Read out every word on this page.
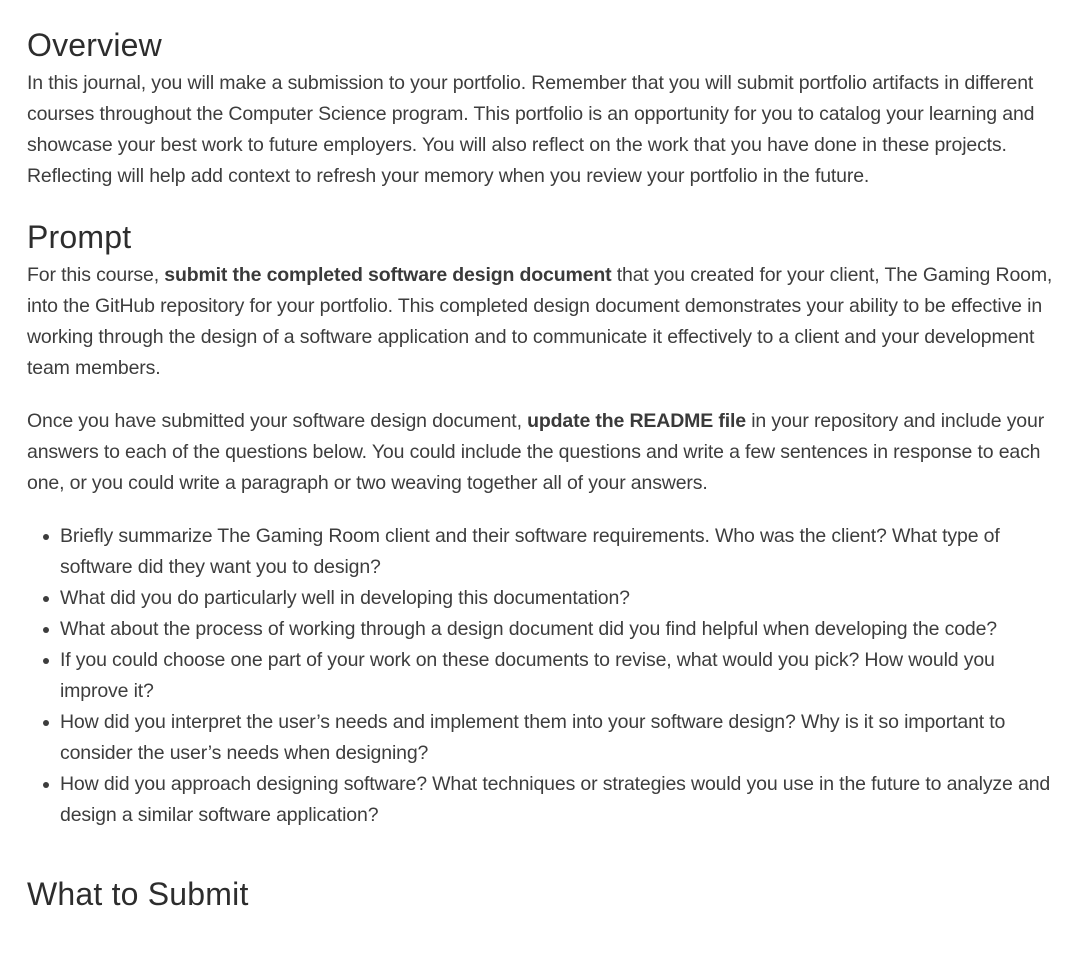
Overview

In this journal, you will make a submission to your portfolio. Remember that you will submit portfolio artifacts in different courses throughout the Computer Science program. This portfolio is an opportunity for you to catalog your learning and showcase your best work to future employers. You will also reflect on the work that you have done in these projects. Reflecting will help add context to refresh your memory when you review your portfolio in the future.

Prompt

For this course, submit the completed software design document that you created for your client, The Gaming Room, into the GitHub repository for your portfolio. This completed design document demonstrates your ability to be effective in working through the design of a software application and to communicate it effectively to a client and your development team members.

Once you have submitted your software design document, update the README file in your repository and include your answers to each of the questions below. You could include the questions and write a few sentences in response to each one, or you could write a paragraph or two weaving together all of your answers.

Briefly summarize The Gaming Room client and their software requirements. Who was the client? What type of software did they want you to design?
What did you do particularly well in developing this documentation?
What about the process of working through a design document did you find helpful when developing the code?
If you could choose one part of your work on these documents to revise, what would you pick? How would you improve it?
How did you interpret the user’s needs and implement them into your software design? Why is it so important to consider the user’s needs when designing?
How did you approach designing software? What techniques or strategies would you use in the future to analyze and design a similar software application?
What to Submit
